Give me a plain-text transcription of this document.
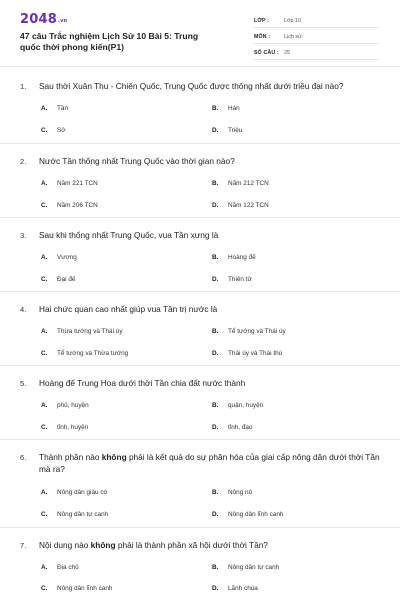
2048.vn
47 câu Trắc nghiệm Lịch Sử 10 Bài 5: Trung quốc thời phong kiến(P1)
LỚP :	Lớp 10
MÔN :	Lịch sử
SỐ CÂU : 25
1.	Sau thời Xuân Thu - Chiến Quốc, Trung Quốc được thống nhất dưới triều đại nào?
A.	Tần	B.	Hán
C.	Sở	D.	Triệu
2.	Nước Tần thống nhất Trung Quốc vào thời gian nào?
A.	Năm 221 TCN	B.	Năm 212 TCN
C.	Năm 206 TCN	D.	Năm 122 TCN
3.	Sau khi thống nhất Trung Quốc, vua Tần xưng là
A.	Vương	B.	Hoàng đế
C.	Đại đế	D.	Thiên tử
4.	Hai chức quan cao nhất giúp vua Tần trị nước là
A.	Thừa tướng và Thái úy	B.	Tể tướng và Thái úy
C.	Tể tướng và Thừa tướng	D.	Thái úy và Thái thú
5.	Hoàng đế Trung Hoa dưới thời Tần chia đất nước thành
A.	phủ, huyện	B.	quận, huyện
C.	tỉnh, huyện	D.	tỉnh, đạo
6.	Thành phần nào không phải là kết quả do sự phân hóa của giai cấp nông dân dưới thời Tần mà ra?
A.	Nông dân giàu có	B.	Nông nô
C.	Nông dân tự canh	D.	Nông dân lĩnh canh
7.	Nội dung nào không phải là thành phần xã hội dưới thời Tần?
A.	Địa chủ	B.	Nông dân tự canh
C.	Nông dân lĩnh canh	D.	Lãnh chúa
